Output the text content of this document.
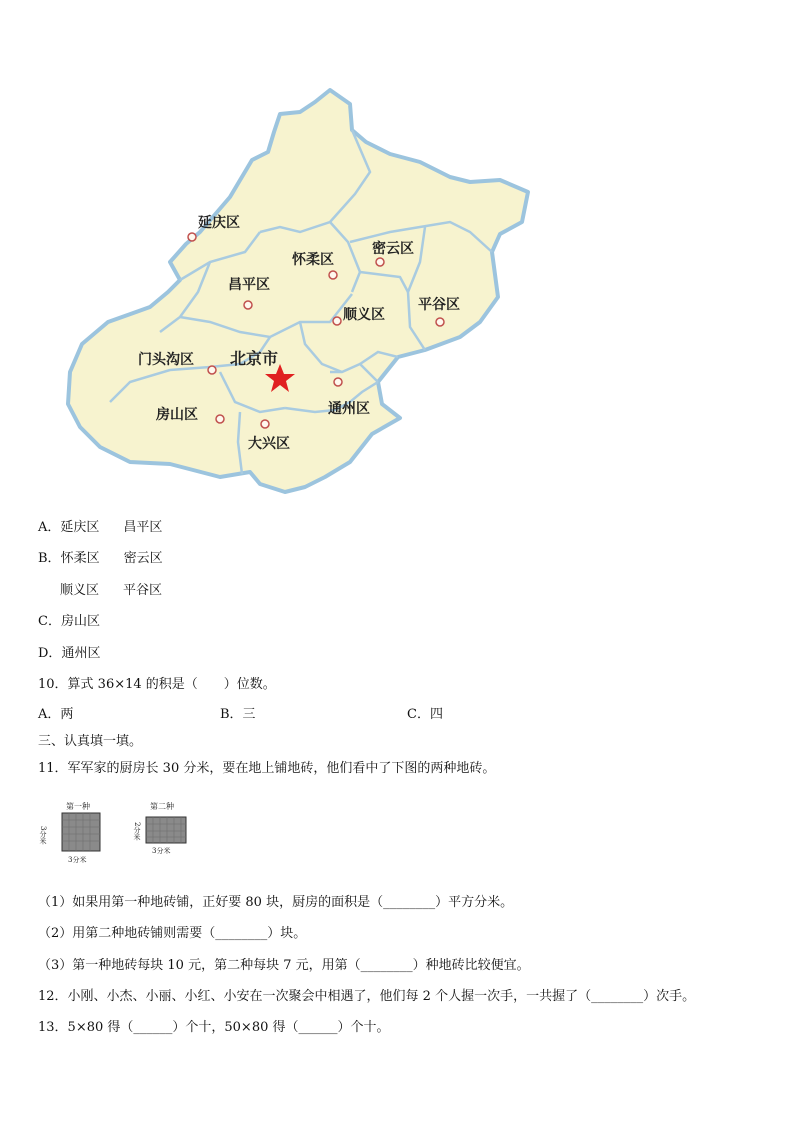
延庆区
怀柔区
密云区
昌平区
平谷区
顺义区
门头沟区 北京市
通州区
房山区
大兴区
A．延庆区 昌平区
B．怀柔区 密云区
顺义区 平谷区
C．房山区
D．通州区
10．算式 36×14 的积是（　　）位数。
A．两	B．三	C．四
三、认真填一填。
11．军军家的厨房长 30 分米，要在地上铺地砖，他们看中了下图的两种地砖。
第一种
3分米
3分米
第二种
2分米
3分米
（1）如果用第一种地砖铺，正好要 80 块，厨房的面积是（________）平方分米。
（2）用第二种地砖铺则需要（________）块。
（3）第一种地砖每块 10 元，第二种每块 7 元，用第（________）种地砖比较便宜。
12．小刚、小杰、小丽、小红、小安在一次聚会中相遇了，他们每 2 个人握一次手，一共握了（________）次手。
13．5×80 得（______）个十，50×80 得（______）个十。
